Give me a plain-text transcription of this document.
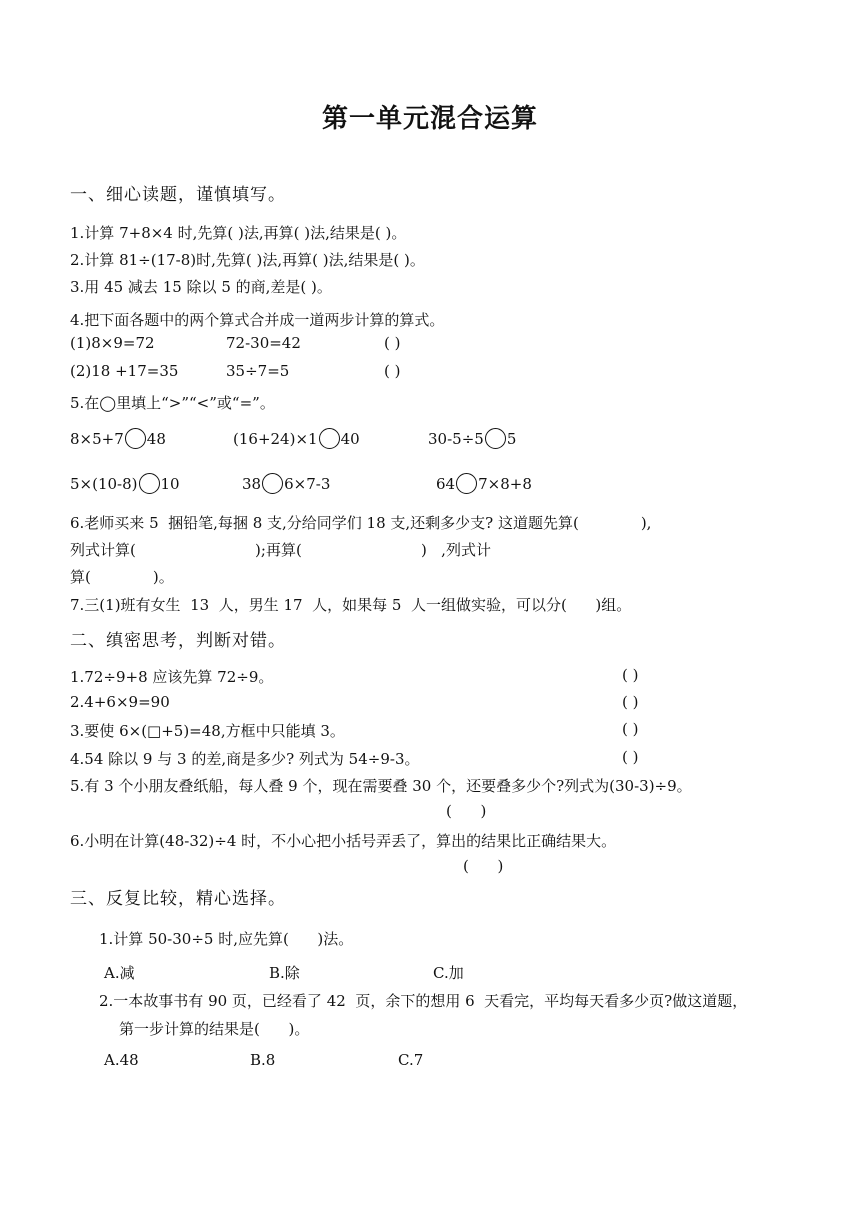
第一单元混合运算
一、细心读题，谨慎填写。
1.计算 7+8×4 时,先算( )法,再算( )法,结果是( )。
2.计算 81÷(17-8)时,先算( )法,再算( )法,结果是( )。
3.用 45 减去 15 除以 5 的商,差是( )。
4.把下面各题中的两个算式合并成一道两步计算的算式。
(1)8×9=72	72-30=42	( )
(2)18 +17=35	35÷7=5	( )
5.在◯里填上“>”“<”或“=”。
8×5+7 48	(16+24)×1 40	30-5÷5 5
5×(10-8) 10	38 6×7-3	64 7×8+8
6.老师买来 5  捆铅笔,每捆 8 支,分给同学们 18 支,还剩多少支? 这道题先算(             ),
列式计算(                         );再算(                         )   ,列式计
算(             )。
7.三(1)班有女生  13  人，男生 17  人，如果每 5  人一组做实验，可以分(      )组。
二、缜密思考，判断对错。
1.72÷9+8 应该先算 72÷9。	( )
2.4+6×9=90	( )
3.要使 6×(□+5)=48,方框中只能填 3。	( )
4.54 除以 9 与 3 的差,商是多少? 列式为 54÷9-3。	( )
5.有 3 个小朋友叠纸船，每人叠 9 个，现在需要叠 30 个，还要叠多少个?列式为(30-3)÷9。
(      )
6.小明在计算(48-32)÷4 时，不小心把小括号弄丢了，算出的结果比正确结果大。
(      )
三、反复比较，精心选择。
1.计算 50-30÷5 时,应先算(      )法。
A.减	B.除	C.加
2.一本故事书有 90 页，已经看了 42  页，余下的想用 6  天看完，平均每天看多少页?做这道题，
第一步计算的结果是(      )。
A.48	B.8	C.7
